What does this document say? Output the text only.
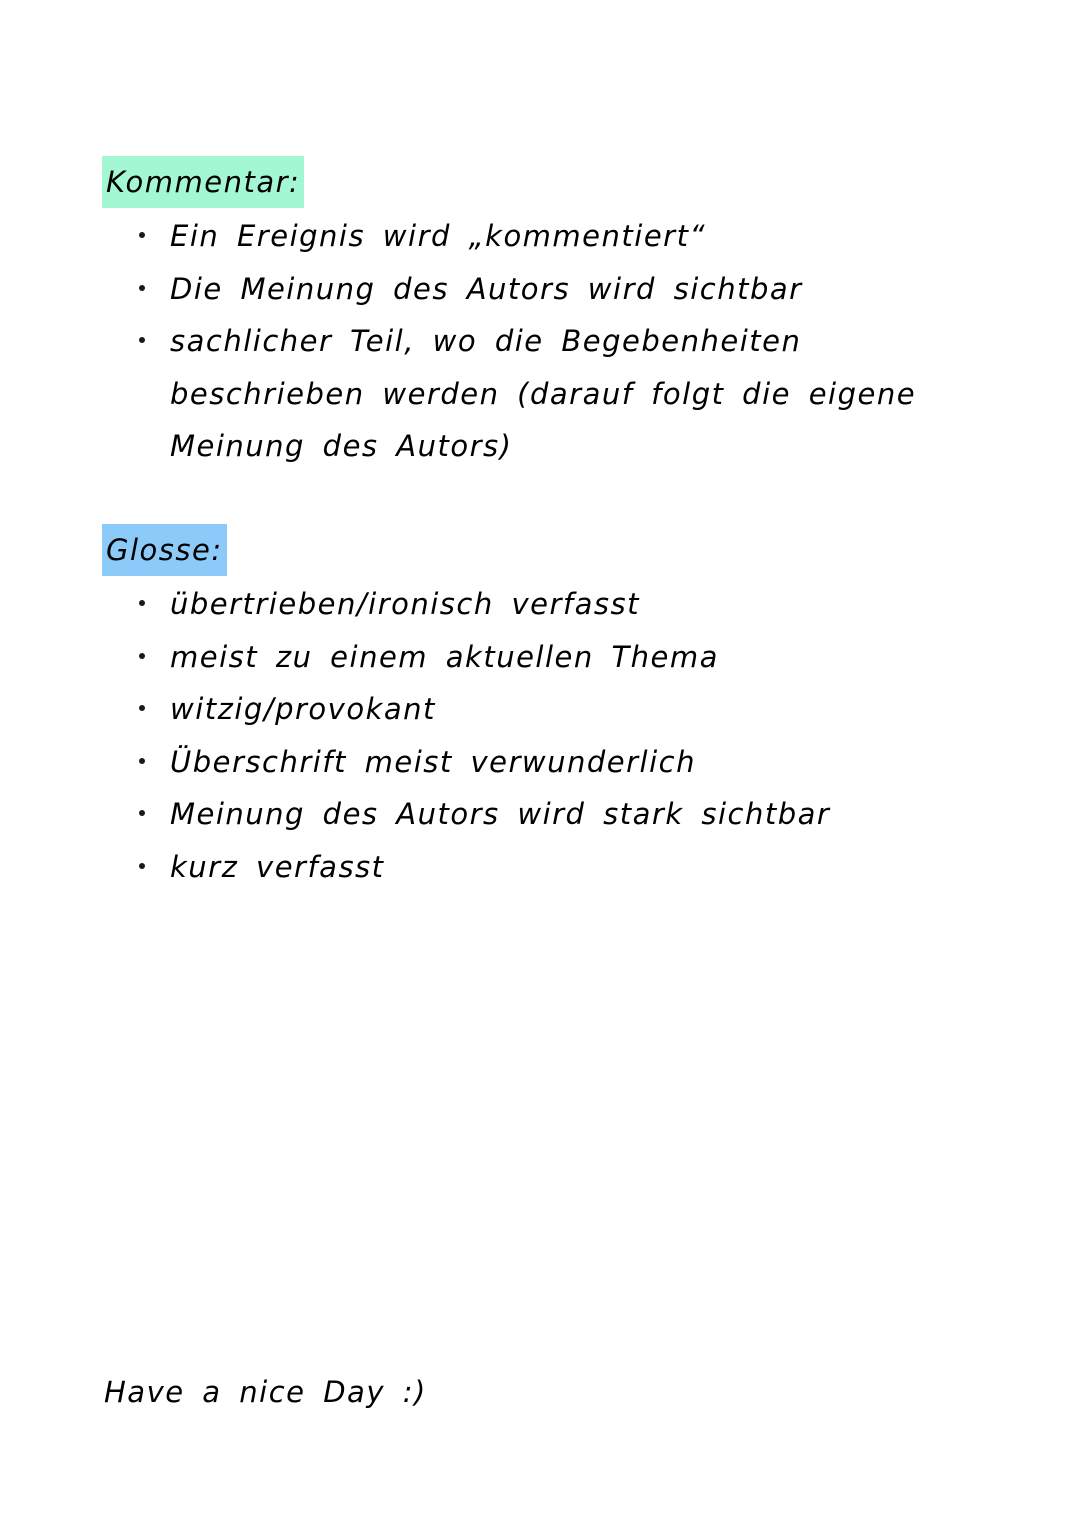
Kommentar:
Ein Ereignis wird „kommentiert“
Die Meinung des Autors wird sichtbar
sachlicher Teil, wo die Begebenheiten beschrieben werden (darauf folgt die eigene Meinung des Autors)
Glosse:
übertrieben/ironisch verfasst
meist zu einem aktuellen Thema
witzig/provokant
Überschrift meist verwunderlich
Meinung des Autors wird stark sichtbar
kurz verfasst
Have a nice Day :)
